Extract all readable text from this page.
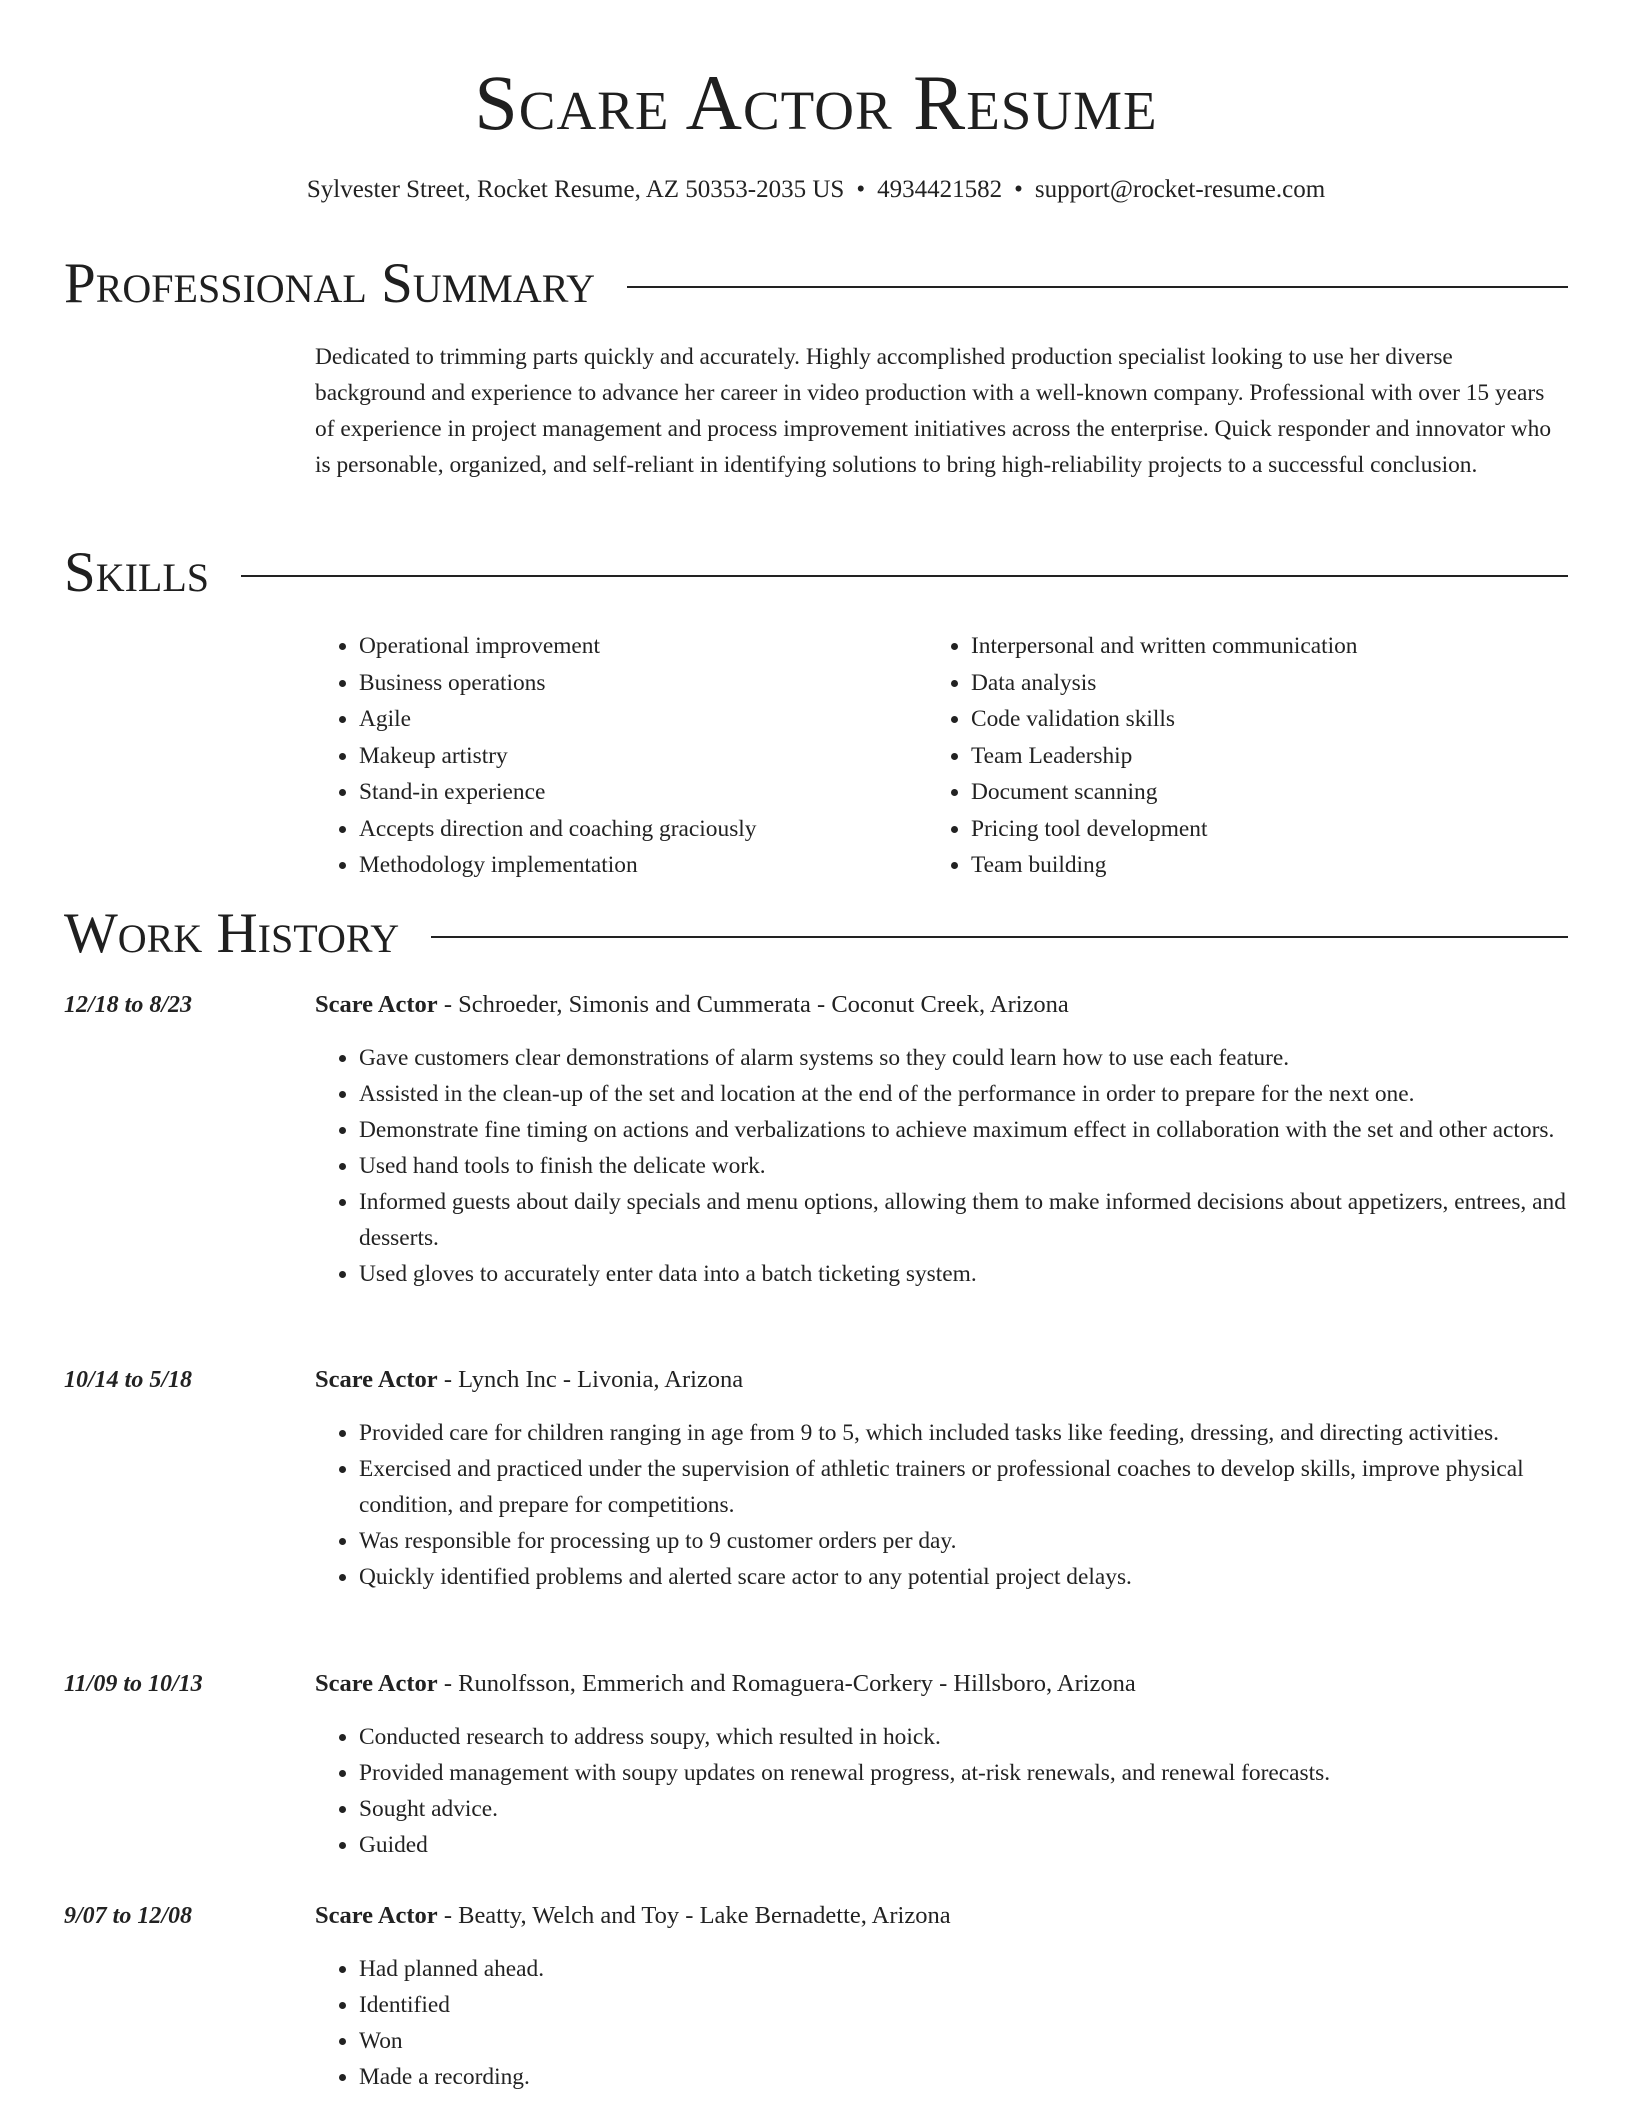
Scare Actor Resume
Sylvester Street, Rocket Resume, AZ 50353-2035 US • 4934421582 • support@rocket-resume.com
Professional Summary
Dedicated to trimming parts quickly and accurately. Highly accomplished production specialist looking to use her diverse background and experience to advance her career in video production with a well-known company. Professional with over 15 years of experience in project management and process improvement initiatives across the enterprise. Quick responder and innovator who is personable, organized, and self-reliant in identifying solutions to bring high-reliability projects to a successful conclusion.
Skills
• Operational improvement
• Business operations
• Agile
• Makeup artistry
• Stand-in experience
• Accepts direction and coaching graciously
• Methodology implementation
• Interpersonal and written communication
• Data analysis
• Code validation skills
• Team Leadership
• Document scanning
• Pricing tool development
• Team building
Work History
12/18 to 8/23	Scare Actor - Schroeder, Simonis and Cummerata - Coconut Creek, Arizona
• Gave customers clear demonstrations of alarm systems so they could learn how to use each feature.
• Assisted in the clean-up of the set and location at the end of the performance in order to prepare for the next one.
• Demonstrate fine timing on actions and verbalizations to achieve maximum effect in collaboration with the set and other actors.
• Used hand tools to finish the delicate work.
• Informed guests about daily specials and menu options, allowing them to make informed decisions about appetizers, entrees, and desserts.
• Used gloves to accurately enter data into a batch ticketing system.
10/14 to 5/18	Scare Actor - Lynch Inc - Livonia, Arizona
• Provided care for children ranging in age from 9 to 5, which included tasks like feeding, dressing, and directing activities.
• Exercised and practiced under the supervision of athletic trainers or professional coaches to develop skills, improve physical condition, and prepare for competitions.
• Was responsible for processing up to 9 customer orders per day.
• Quickly identified problems and alerted scare actor to any potential project delays.
11/09 to 10/13	Scare Actor - Runolfsson, Emmerich and Romaguera-Corkery - Hillsboro, Arizona
• Conducted research to address soupy, which resulted in hoick.
• Provided management with soupy updates on renewal progress, at-risk renewals, and renewal forecasts.
• Sought advice.
• Guided
9/07 to 12/08	Scare Actor - Beatty, Welch and Toy - Lake Bernadette, Arizona
• Had planned ahead.
• Identified
• Won
• Made a recording.
